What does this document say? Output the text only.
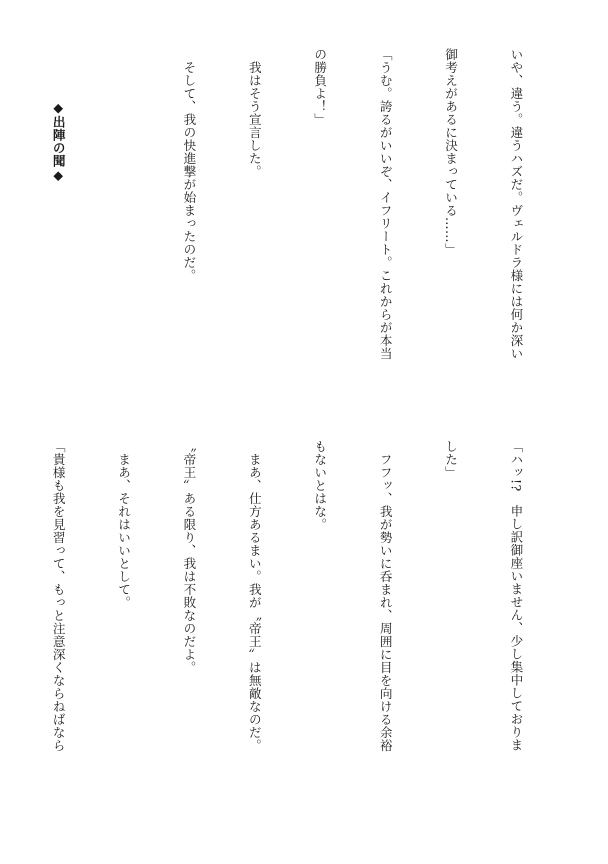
いや、違う。違うハズだ。ヴェルドラ様には何か深い

御考えがあるに決まっている……」

「うむ。誇るがいいぞ、イフリート。これからが本当

の勝負よ！」

　我はそう宣言した。

　そして、我の快進撃が始まったのだ。

　　　　◆出陣の聞◆

「ハッ!?　申し訳御座いません、少し集中しておりま

した」

　フフッ、我が勢いに呑まれ、周囲に目を向ける余裕

もないとはな。

　まあ、仕方あるまい。我が〝帝王〟は無敵なのだ。

〝帝王〟ある限り、我は不敗なのだよ。

　まあ、それはいいとして。

「貴様も我を見習って、もっと注意深くならねばなら
